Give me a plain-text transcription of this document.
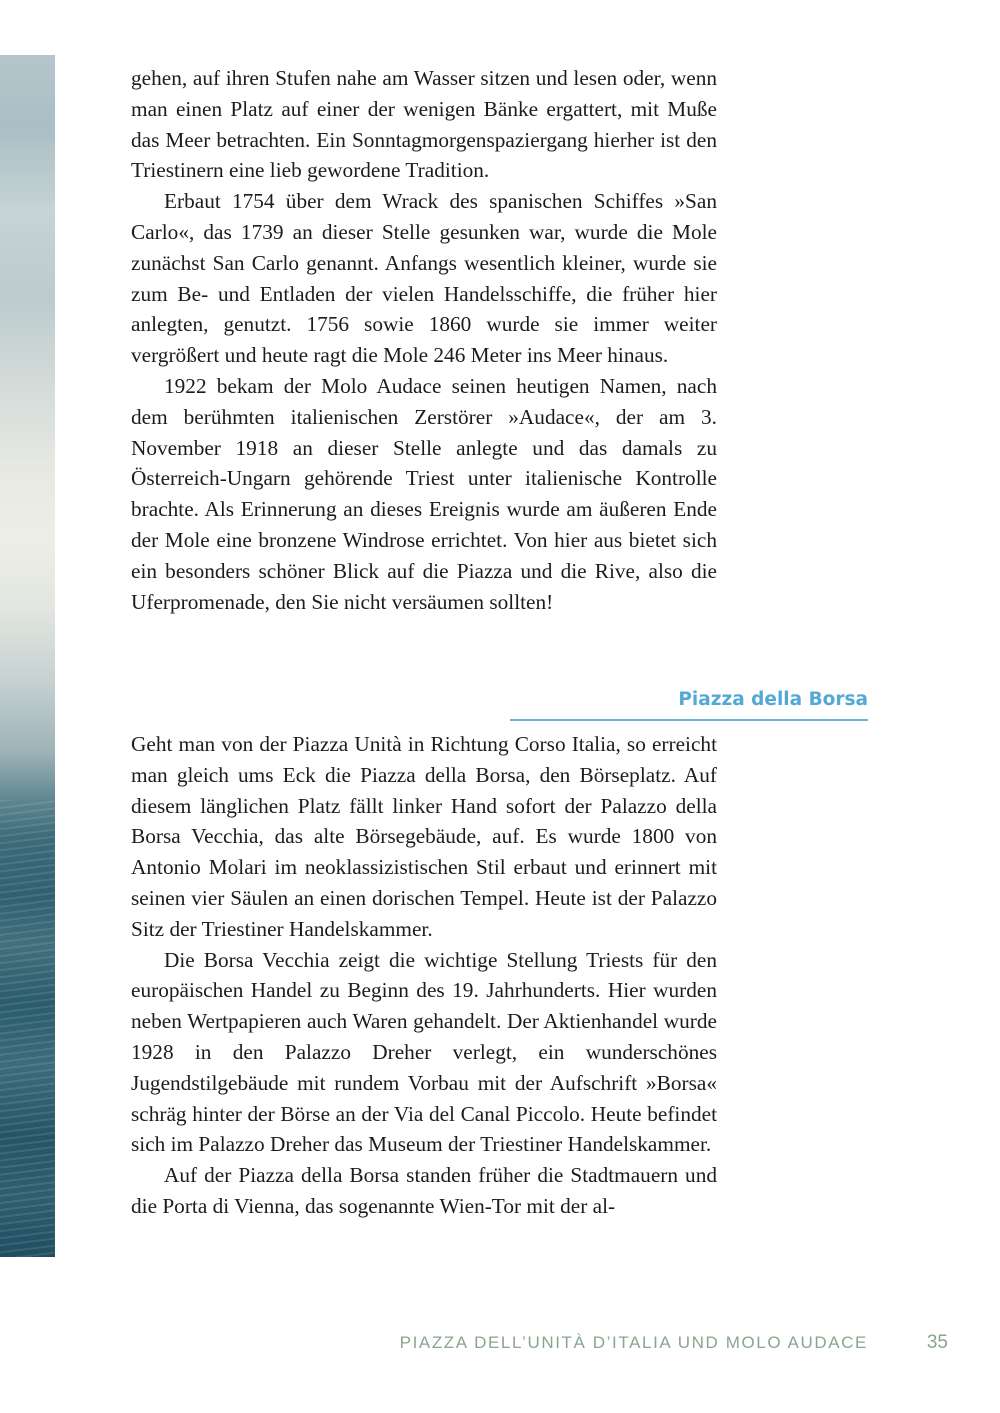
gehen, auf ihren Stufen nahe am Wasser sitzen und lesen oder, wenn man einen Platz auf einer der wenigen Bänke ergattert, mit Muße das Meer betrachten. Ein Sonntagmorgenspaziergang hierher ist den Triestinern eine lieb gewordene Tradition.

Erbaut 1754 über dem Wrack des spanischen Schiffes »San Carlo«, das 1739 an dieser Stelle gesunken war, wurde die Mole zunächst San Carlo genannt. Anfangs wesentlich kleiner, wurde sie zum Be- und Entladen der vielen Handelsschiffe, die früher hier anlegten, genutzt. 1756 sowie 1860 wurde sie immer weiter vergrößert und heute ragt die Mole 246 Meter ins Meer hinaus.

1922 bekam der Molo Audace seinen heutigen Namen, nach dem berühmten italienischen Zerstörer »Audace«, der am 3. November 1918 an dieser Stelle anlegte und das damals zu Österreich-Ungarn gehörende Triest unter italienische Kontrolle brachte. Als Erinnerung an dieses Ereignis wurde am äußeren Ende der Mole eine bronzene Windrose errichtet. Von hier aus bietet sich ein besonders schöner Blick auf die Piazza und die Rive, also die Uferpromenade, den Sie nicht versäumen sollten!

Piazza della Borsa

Geht man von der Piazza Unità in Richtung Corso Italia, so erreicht man gleich ums Eck die Piazza della Borsa, den Börseplatz. Auf diesem länglichen Platz fällt linker Hand sofort der Palazzo della Borsa Vecchia, das alte Börsegebäude, auf. Es wurde 1800 von Antonio Molari im neoklassizistischen Stil erbaut und erinnert mit seinen vier Säulen an einen dorischen Tempel. Heute ist der Palazzo Sitz der Triestiner Handelskammer.

Die Borsa Vecchia zeigt die wichtige Stellung Triests für den europäischen Handel zu Beginn des 19. Jahrhunderts. Hier wurden neben Wertpapieren auch Waren gehandelt. Der Aktienhandel wurde 1928 in den Palazzo Dreher verlegt, ein wunderschönes Jugendstilgebäude mit rundem Vorbau mit der Aufschrift »Borsa« schräg hinter der Börse an der Via del Canal Piccolo. Heute befindet sich im Palazzo Dreher das Museum der Triestiner Handelskammer.

Auf der Piazza della Borsa standen früher die Stadtmauern und die Porta di Vienna, das sogenannte Wien-Tor mit der al-

PIAZZA DELL’UNITÀ D’ITALIA UND MOLO AUDACE	35
